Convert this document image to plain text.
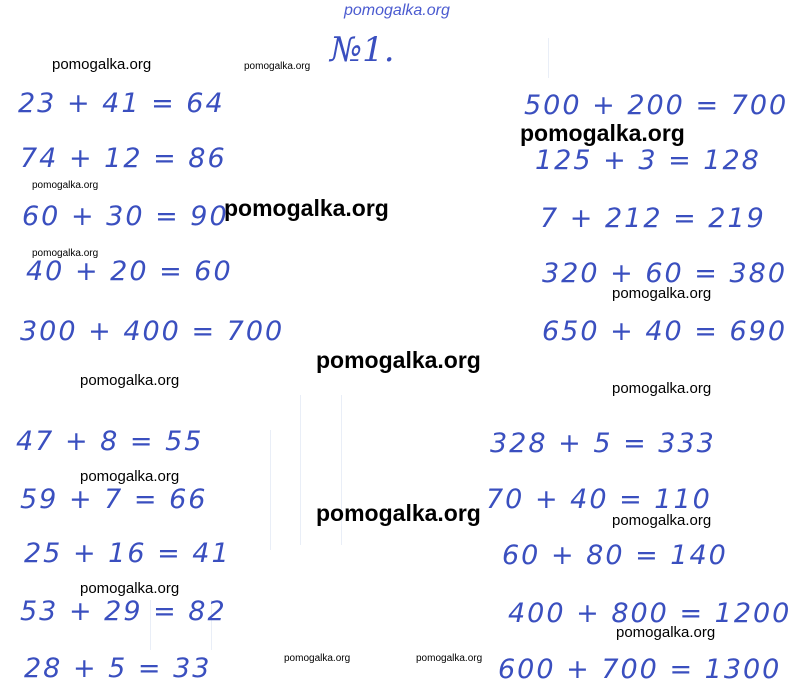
pomogalka.org
№1.
23 + 41 = 64
74 + 12 = 86
60 + 30 = 90
40 + 20 = 60
300 + 400 = 700
47 + 8 = 55
59 + 7 = 66
25 + 16 = 41
53 + 29 = 82
28 + 5 = 33
500 + 200 = 700
125 + 3 = 128
7 + 212 = 219
320 + 60 = 380
650 + 40 = 690
328 + 5 = 333
70 + 40 = 110
60 + 80 = 140
400 + 800 = 1200
600 + 700 = 1300
pomogalka.org	pomogalka.org
pomogalka.org
pomogalka.org
pomogalka.org
pomogalka.org
pomogalka.org
pomogalka.org
pomogalka.org	pomogalka.org
pomogalka.org
pomogalka.org	pomogalka.org
pomogalka.org
pomogalka.org
pomogalka.org	pomogalka.org
